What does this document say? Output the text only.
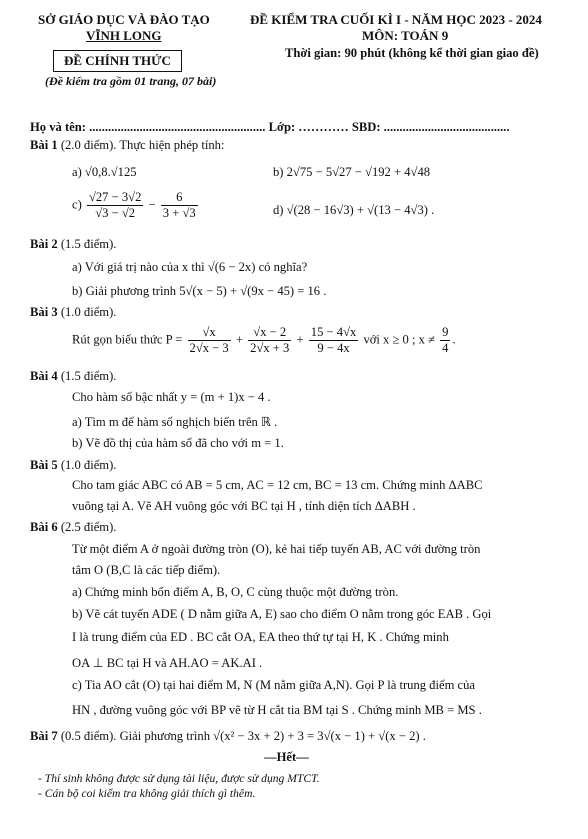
SỞ GIÁO DỤC VÀ ĐÀO TẠO
VĨNH LONG
ĐỀ CHÍNH THỨC
(Đề kiểm tra gồm 01 trang, 07 bài)
ĐỀ KIỂM TRA CUỐI KÌ I - NĂM HỌC 2023 - 2024
MÔN: TOÁN 9
Thời gian: 90 phút (không kể thời gian giao đề)
Họ và tên: ........................................................ Lớp: ………… SBD: ........................................
Bài 1 (2.0 điểm). Thực hiện phép tính:
a) √0,8.√125	b) 2√75 − 5√27 − √192 + 4√48
$c) \frac{√27 - 3√2}{√3 - √2} - \frac{6}{3 + √3}$	d) √(28 − 16√3) + √(13 − 4√3) .
Bài 2 (1.5 điểm).
a) Với giá trị nào của x thì √(6 − 2x) có nghĩa?
b) Giải phương trình 5√(x − 5) + √(9x − 45) = 16 .
Bài 3 (1.0 điểm).
Rút gọn biểu thức $P = \frac{√x}{2√x - 3} + \frac{√x - 2}{2√x + 3} + \frac{15 - 4√x}{9 - 4x}$ với x ≥ 0 ; $x \ne \frac{9}{4}$ .
Bài 4 (1.5 điểm).
Cho hàm số bậc nhất y = (m + 1)x − 4 .
a) Tìm m để hàm số nghịch biến trên ℝ .
b) Vẽ đồ thị của hàm số đã cho với m = 1.
Bài 5 (1.0 điểm).
Cho tam giác ABC có AB = 5 cm, AC = 12 cm, BC = 13 cm. Chứng minh ΔABC
vuông tại A. Vẽ AH vuông góc với BC tại H , tính diện tích ΔABH .
Bài 6 (2.5 điểm).
Từ một điểm A ở ngoài đường tròn (O), kẻ hai tiếp tuyến AB, AC với đường tròn
tâm O (B,C là các tiếp điểm).
a) Chứng minh bốn điểm A, B, O, C cùng thuộc một đường tròn.
b) Vẽ cát tuyến ADE ( D nằm giữa A, E) sao cho điểm O nằm trong góc EAB . Gọi
I là trung điểm của ED . BC cắt OA, EA theo thứ tự tại H, K . Chứng minh
OA ⊥ BC tại H và AH.AO = AK.AI .
c) Tia AO cắt (O) tại hai điểm M, N (M nằm giữa A,N). Gọi P là trung điểm của
HN , đường vuông góc với BP vẽ từ H cắt tia BM tại S . Chứng minh MB = MS .
Bài 7 (0.5 điểm). Giải phương trình √(x² − 3x + 2) + 3 = 3√(x − 1) + √(x − 2) .
—Hết—
- Thí sinh không được sử dụng tài liệu, được sử dụng MTCT.
- Cán bộ coi kiểm tra không giải thích gì thêm.
